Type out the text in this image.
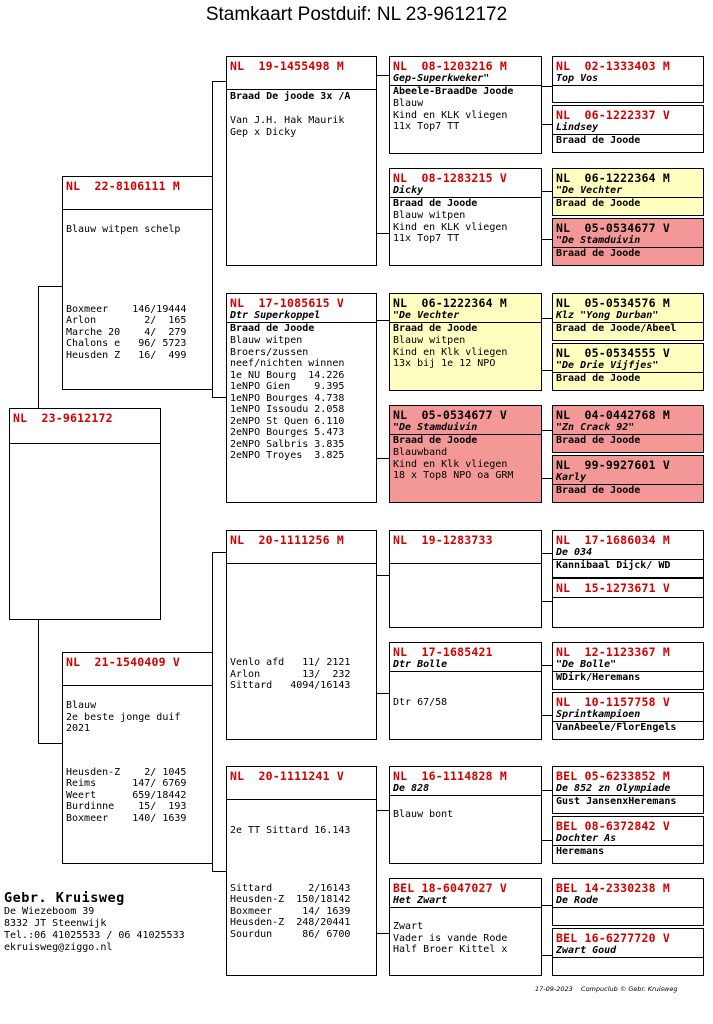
Stamkaart Postduif: NL 23-9612172
NL  23-9612172
NL  22-8106111 M
Blauw witpen schelp
Boxmeer    146/19444
Arlon        2/  165
Marche 20    4/  279
Chalons e   96/ 5723
Heusden Z   16/  499
NL  21-1540409 V
Blauw
2e beste jonge duif
2021
Heusden-Z    2/ 1045
Reims      147/ 6769
Weert      659/18442
Burdinne    15/  193
Boxmeer    140/ 1639
NL  19-1455498 M
Braad De joode 3x /A
Van J.H. Hak Maurik
Gep x Dicky
NL  17-1085615 V
Dtr Superkoppel
Braad de Joode
Blauw witpen
Broers/zussen
neef/nichten winnen
1e NU Bourg  14.226
1eNPO Gien    9.395
1eNPO Bourges 4.738
1eNPO Issoudu 2.058
2eNPO St Quen 6.110
2eNPO Bourges 5.473
2eNPO Salbris 3.835
2eNPO Troyes  3.825
NL  20-1111256 M
Venlo afd   11/ 2121
Arlon       13/  232
Sittard   4094/16143
NL  20-1111241 V
2e TT Sittard 16.143
Sittard      2/16143
Heusden-Z  150/18142
Boxmeer     14/ 1639
Heusden-Z  248/20441
Sourdun     86/ 6700
NL  08-1203216 M
Gep-Superkweker"
Abeele-BraadDe Joode
Blauw
Kind en KLK vliegen
11x Top7 TT
NL  08-1283215 V
Dicky
Braad de Joode
Blauw witpen
Kind en KLK vliegen
11x Top7 TT
NL  06-1222364 M
"De Vechter
Braad de Joode
Blauw witpen
Kind en Klk vliegen
13x bij 1e 12 NPO
NL  05-0534677 V
"De Stamduivin
Braad de Joode
Blauwband
Kind en Klk vliegen
18 x Top8 NPO oa GRM
NL  19-1283733
NL  17-1685421
Dtr Bolle
Dtr 67/58
NL  16-1114828 M
De 828
Blauw bont
BEL 18-6047027 V
Het Zwart
Zwart
Vader is vande Rode
Half Broer Kittel x
NL  02-1333403 M
Top Vos
NL  06-1222337 V
Lindsey
Braad de Joode
NL  06-1222364 M
"De Vechter
Braad de Joode
NL  05-0534677 V
"De Stamduivin
Braad de Joode
NL  05-0534576 M
Klz "Yong Durban"
Braad de Joode/Abeel
NL  05-0534555 V
"De Drie Vijfjes"
Braad de Joode
NL  04-0442768 M
"Zn Crack 92"
Braad de Joode
NL  99-9927601 V
Karly
Braad de Joode
NL  17-1686034 M
De 034
Kannibaal Dijck/ WD
NL  15-1273671 V
NL  12-1123367 M
"De Bolle"
WDirk/Heremans
NL  10-1157758 V
Sprintkampioen
VanAbeele/FlorEngels
BEL 05-6233852 M
De 852 zn Olympiade
Gust JansenxHeremans
BEL 08-6372842 V
Dochter As
Heremans
BEL 14-2330238 M
De Rode
BEL 16-6277720 V
Zwart Goud
Gebr. Kruisweg
De Wiezeboom 39
8332 JT Steenwijk
Tel.:06 41025533 / 06 41025533
ekruisweg@ziggo.nl
17-09-2023    Compuclub © Gebr. Kruisweg
